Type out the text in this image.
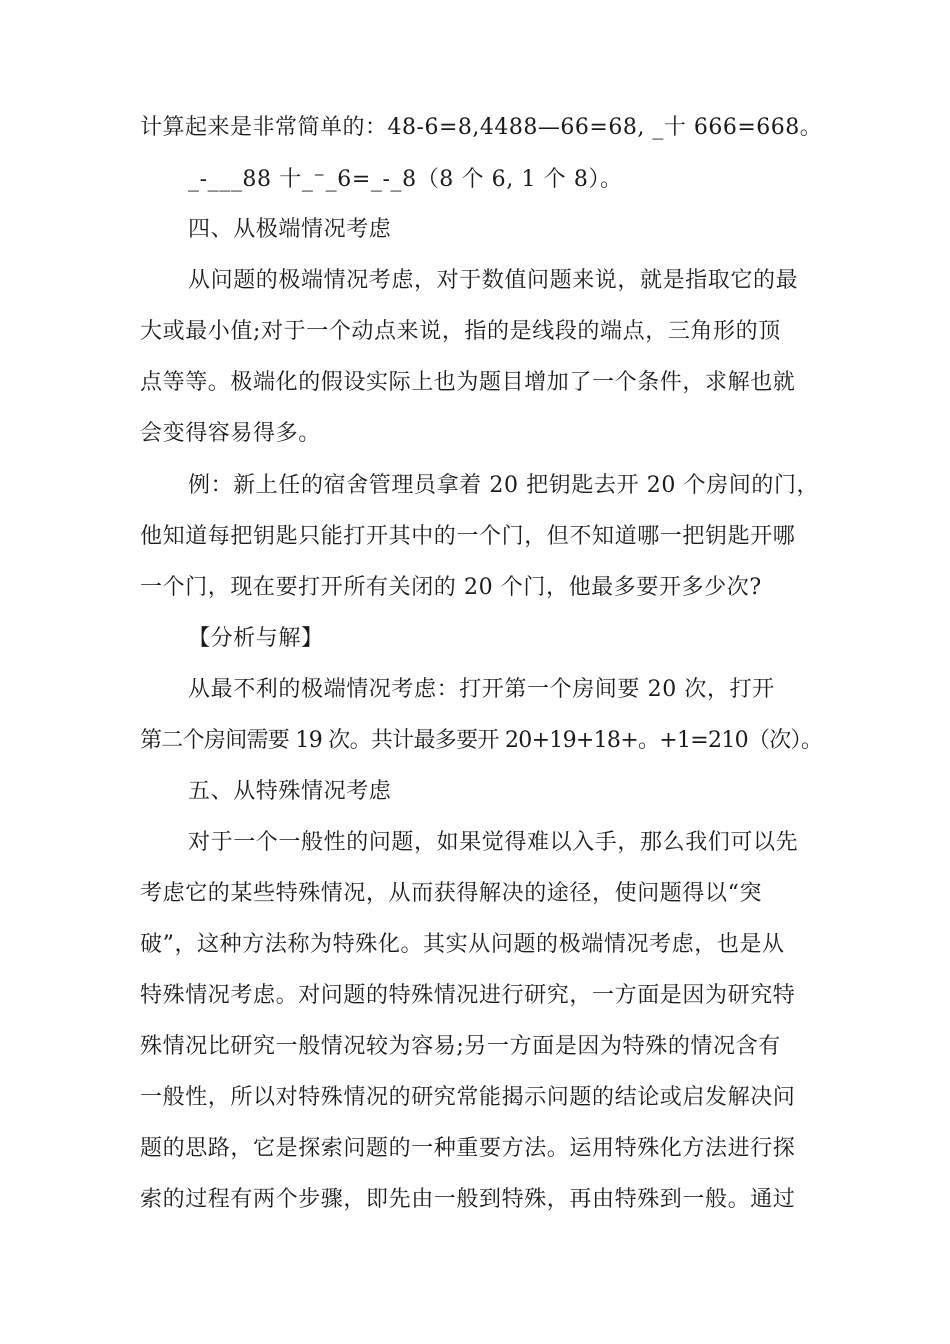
计算起来是非常简单的：48-6=8,4488—66=68, _十 666=668。
_-___88 十_⁻_6=_-_8（8 个 6, 1 个 8）。
四、从极端情况考虑
从问题的极端情况考虑，对于数值问题来说，就是指取它的最
大或最小值;对于一个动点来说，指的是线段的端点，三角形的顶
点等等。极端化的假设实际上也为题目增加了一个条件，求解也就
会变得容易得多。
例：新上任的宿舍管理员拿着 20 把钥匙去开 20 个房间的门，
他知道每把钥匙只能打开其中的一个门，但不知道哪一把钥匙开哪
一个门，现在要打开所有关闭的 20 个门，他最多要开多少次?
【分析与解】
从最不利的极端情况考虑：打开第一个房间要 20 次，打开
第二个房间需要 19 次。共计最多要开 20+19+18+。+1=210（次）。
五、从特殊情况考虑
对于一个一般性的问题，如果觉得难以入手，那么我们可以先
考虑它的某些特殊情况，从而获得解决的途径，使问题得以“突
破”，这种方法称为特殊化。其实从问题的极端情况考虑，也是从
特殊情况考虑。对问题的特殊情况进行研究，一方面是因为研究特
殊情况比研究一般情况较为容易;另一方面是因为特殊的情况含有
一般性，所以对特殊情况的研究常能揭示问题的结论或启发解决问
题的思路，它是探索问题的一种重要方法。运用特殊化方法进行探
索的过程有两个步骤，即先由一般到特殊，再由特殊到一般。通过
